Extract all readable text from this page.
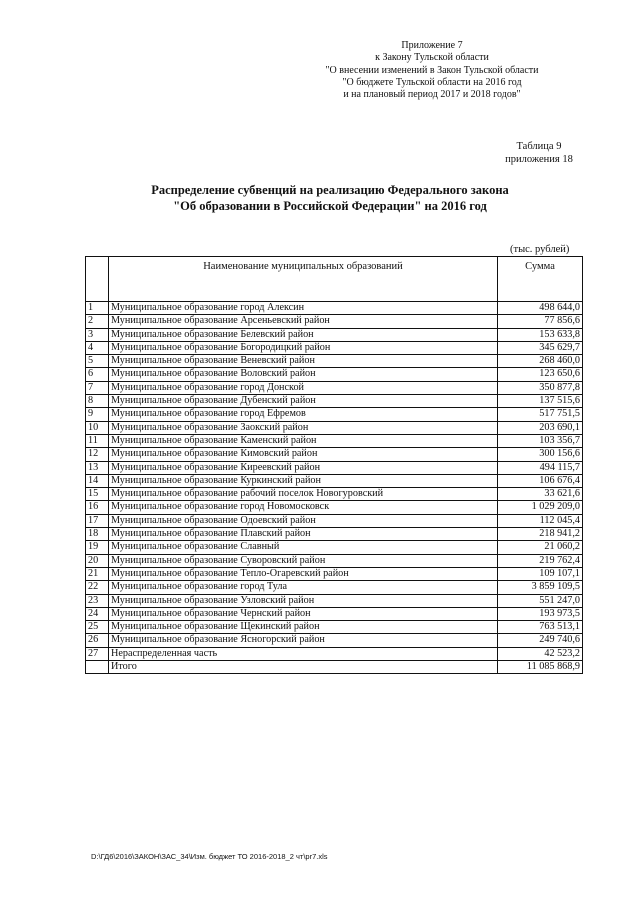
Приложение 7
к Закону Тульской области
"О внесении изменений в Закон Тульской области
"О бюджете Тульской области на 2016 год
и на плановый период 2017 и 2018 годов"
Таблица 9
приложения 18
Распределение субвенций на реализацию Федерального закона
"Об образовании в Российской Федерации" на 2016 год
(тыс. рублей)
	Наименование муниципальных образований	Сумма
1	Муниципальное образование город Алексин	498 644,0
2	Муниципальное образование Арсеньевский район	77 856,6
3	Муниципальное образование Белевский район	153 633,8
4	Муниципальное образование Богородицкий район	345 629,7
5	Муниципальное образование Веневский район	268 460,0
6	Муниципальное образование Воловский район	123 650,6
7	Муниципальное образование город Донской	350 877,8
8	Муниципальное образование Дубенский район	137 515,6
9	Муниципальное образование город Ефремов	517 751,5
10	Муниципальное образование Заокский район	203 690,1
11	Муниципальное образование Каменский район	103 356,7
12	Муниципальное образование Кимовский район	300 156,6
13	Муниципальное образование Киреевский район	494 115,7
14	Муниципальное образование Куркинский район	106 676,4
15	Муниципальное образование рабочий поселок Новогуровский	33 621,6
16	Муниципальное образование город Новомосковск	1 029 209,0
17	Муниципальное образование Одоевский район	112 045,4
18	Муниципальное образование Плавский район	218 941,2
19	Муниципальное образование Славный	21 060,2
20	Муниципальное образование Суворовский район	219 762,4
21	Муниципальное образование Тепло-Огаревский район	109 107,1
22	Муниципальное образование город Тула	3 859 109,5
23	Муниципальное образование Узловский район	551 247,0
24	Муниципальное образование Чернский район	193 973,5
25	Муниципальное образование Щекинский район	763 513,1
26	Муниципальное образование Ясногорский район	249 740,6
27	Нераспределенная часть	42 523,2
	Итого	11 085 868,9
D:\ГД6\2016\ЗАКОН\ЗАС_34\Изм. бюджет ТО 2016-2018_2 чт\pr7.xls
